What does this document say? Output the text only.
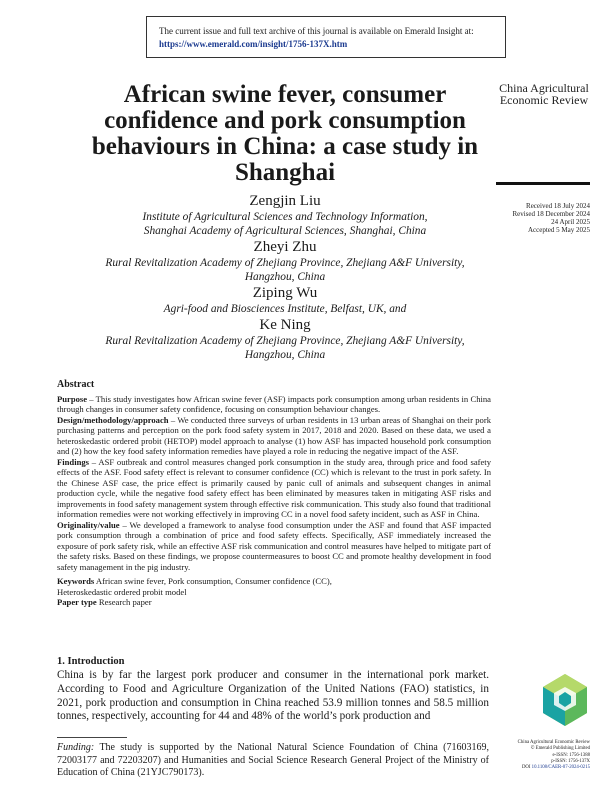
The current issue and full text archive of this journal is available on Emerald Insight at:
https://www.emerald.com/insight/1756-137X.htm
African swine fever, consumer confidence and pork consumption behaviours in China: a case study in Shanghai
China Agricultural Economic Review
Received 18 July 2024
Revised 18 December 2024
24 April 2025
Accepted 5 May 2025
Zengjin Liu
Institute of Agricultural Sciences and Technology Information,
Shanghai Academy of Agricultural Sciences, Shanghai, China
Zheyi Zhu
Rural Revitalization Academy of Zhejiang Province, Zhejiang A&F University,
Hangzhou, China
Ziping Wu
Agri-food and Biosciences Institute, Belfast, UK, and
Ke Ning
Rural Revitalization Academy of Zhejiang Province, Zhejiang A&F University,
Hangzhou, China

Abstract

Purpose – This study investigates how African swine fever (ASF) impacts pork consumption among urban residents in China through changes in consumer safety confidence, focusing on consumption behaviour changes.

Design/methodology/approach – We conducted three surveys of urban residents in 13 urban areas of Shanghai on their pork purchasing patterns and perception on the pork food safety system in 2017, 2018 and 2020. Based on these data, we used a heteroskedastic ordered probit (HETOP) model approach to analyse (1) how ASF has impacted household pork consumption and (2) how the key food safety information remedies have played a role in reducing the negative impact of the ASF.

Findings – ASF outbreak and control measures changed pork consumption in the study area, through price and food safety effects of the ASF. Food safety effect is relevant to consumer confidence (CC) which is relevant to the trust in pork safety. In the Chinese ASF case, the price effect is primarily caused by panic cull of animals and subsequent changes in animal production cycle, while the negative food safety effect has been eliminated by measures taken in mitigating ASF risks and improvements in food safety management system through effective risk communication. This study also found that traditional information remedies were not working effectively in improving CC in a novel food safety incident, such as ASF in China.

Originality/value – We developed a framework to analyse food consumption under the ASF and found that ASF impacted pork consumption through a combination of price and food safety effects. Specifically, ASF immediately increased the exposure of pork safety risk, while an effective ASF risk communication and control measures have helped to mitigate part of the safety risks. Based on these findings, we propose countermeasures to boost CC and promote healthy development in food safety management in the pig industry.

Keywords African swine fever, Pork consumption, Consumer confidence (CC),

Heteroskedastic ordered probit model

Paper type Research paper

1. Introduction
China is by far the largest pork producer and consumer in the international pork market. According to Food and Agriculture Organization of the United Nations (FAO) statistics, in 2021, pork production and consumption in China reached 53.9 million tonnes and 58.5 million tonnes, respectively, accounting for 44 and 48% of the world’s pork production and
Funding: The study is supported by the National Natural Science Foundation of China (71603169, 72003177 and 72203207) and Humanities and Social Science Research General Project of the Ministry of Education of China (21YJC790173).
China Agricultural Economic Review
© Emerald Publishing Limited
e-ISSN: 1756-1388
p-ISSN: 1756-137X
DOI 10.1108/CAER-07-2024-0215
